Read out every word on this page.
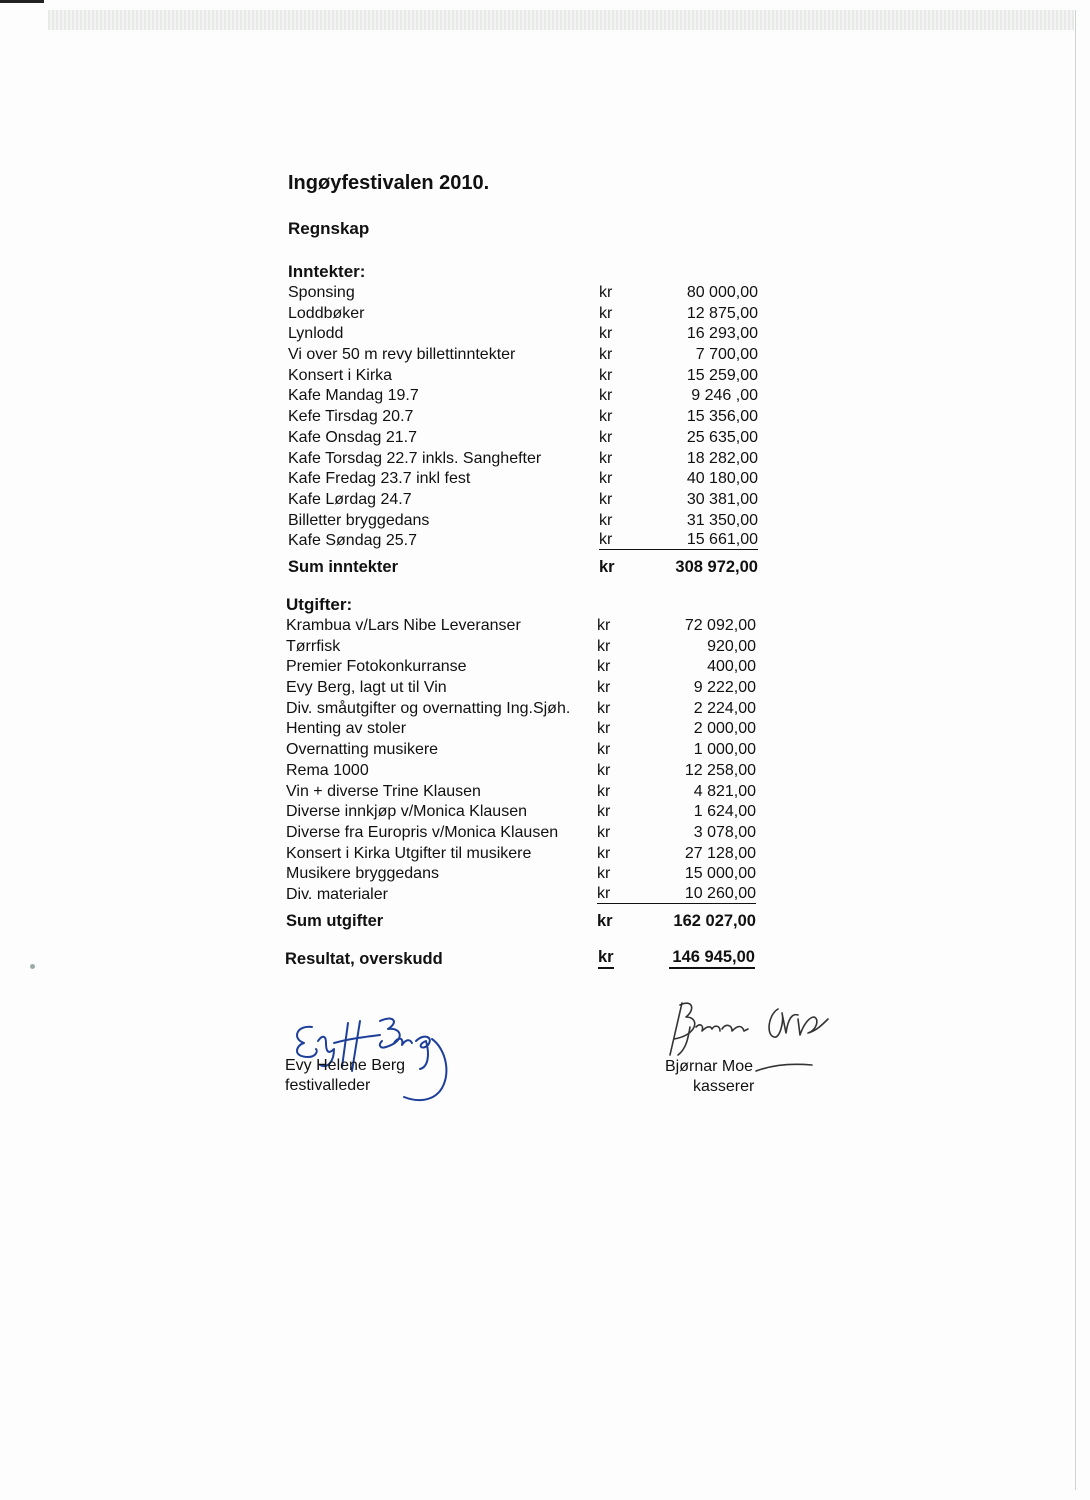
Ingøyfestivalen 2010.
Regnskap
Inntekter:
Sponsing	kr	80 000,00
Loddbøker	kr	12 875,00
Lynlodd	kr	16 293,00
Vi over 50 m revy billettinntekter	kr	7 700,00
Konsert i Kirka	kr	15 259,00
Kafe Mandag 19.7	kr	9 246 ,00
Kefe Tirsdag 20.7	kr	15 356,00
Kafe Onsdag 21.7	kr	25 635,00
Kafe Torsdag 22.7 inkls. Sanghefter	kr	18 282,00
Kafe Fredag 23.7 inkl fest	kr	40 180,00
Kafe Lørdag 24.7	kr	30 381,00
Billetter bryggedans	kr	31 350,00
Kafe Søndag 25.7	kr	15 661,00
Sum inntekter	kr	308 972,00
Utgifter:
Krambua v/Lars Nibe Leveranser	kr	72 092,00
Tørrfisk	kr	920,00
Premier Fotokonkurranse	kr	400,00
Evy Berg, lagt ut til Vin	kr	9 222,00
Div. småutgifter og overnatting Ing.Sjøh. kr	2 224,00
Henting av stoler	kr	2 000,00
Overnatting musikere	kr	1 000,00
Rema 1000	kr	12 258,00
Vin + diverse Trine Klausen	kr	4 821,00
Diverse innkjøp v/Monica Klausen	kr	1 624,00
Diverse fra Europris v/Monica Klausen kr	3 078,00
Konsert i Kirka Utgifter til musikere	kr	27 128,00
Musikere bryggedans	kr	15 000,00
Div. materialer	kr	10 260,00
Sum utgifter	kr	162 027,00
Resultat, overskudd	kr	146 945,00
Evy Helene Berg
festivalleder
Bjørnar Moe
kasserer
